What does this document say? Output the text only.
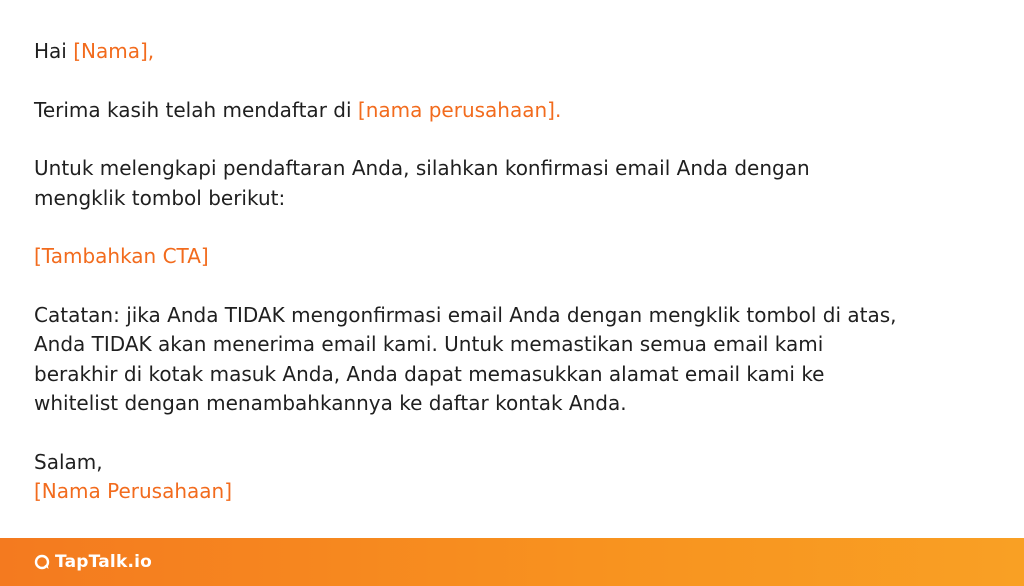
Hai [Nama],

Terima kasih telah mendaftar di [nama perusahaan].

Untuk melengkapi pendaftaran Anda, silahkan konfirmasi email Anda dengan
mengklik tombol berikut:

[Tambahkan CTA]

Catatan: jika Anda TIDAK mengonfirmasi email Anda dengan mengklik tombol di atas,
Anda TIDAK akan menerima email kami. Untuk memastikan semua email kami
berakhir di kotak masuk Anda, Anda dapat memasukkan alamat email kami ke
whitelist dengan menambahkannya ke daftar kontak Anda.

Salam,
[Nama Perusahaan]

TapTalk.io
